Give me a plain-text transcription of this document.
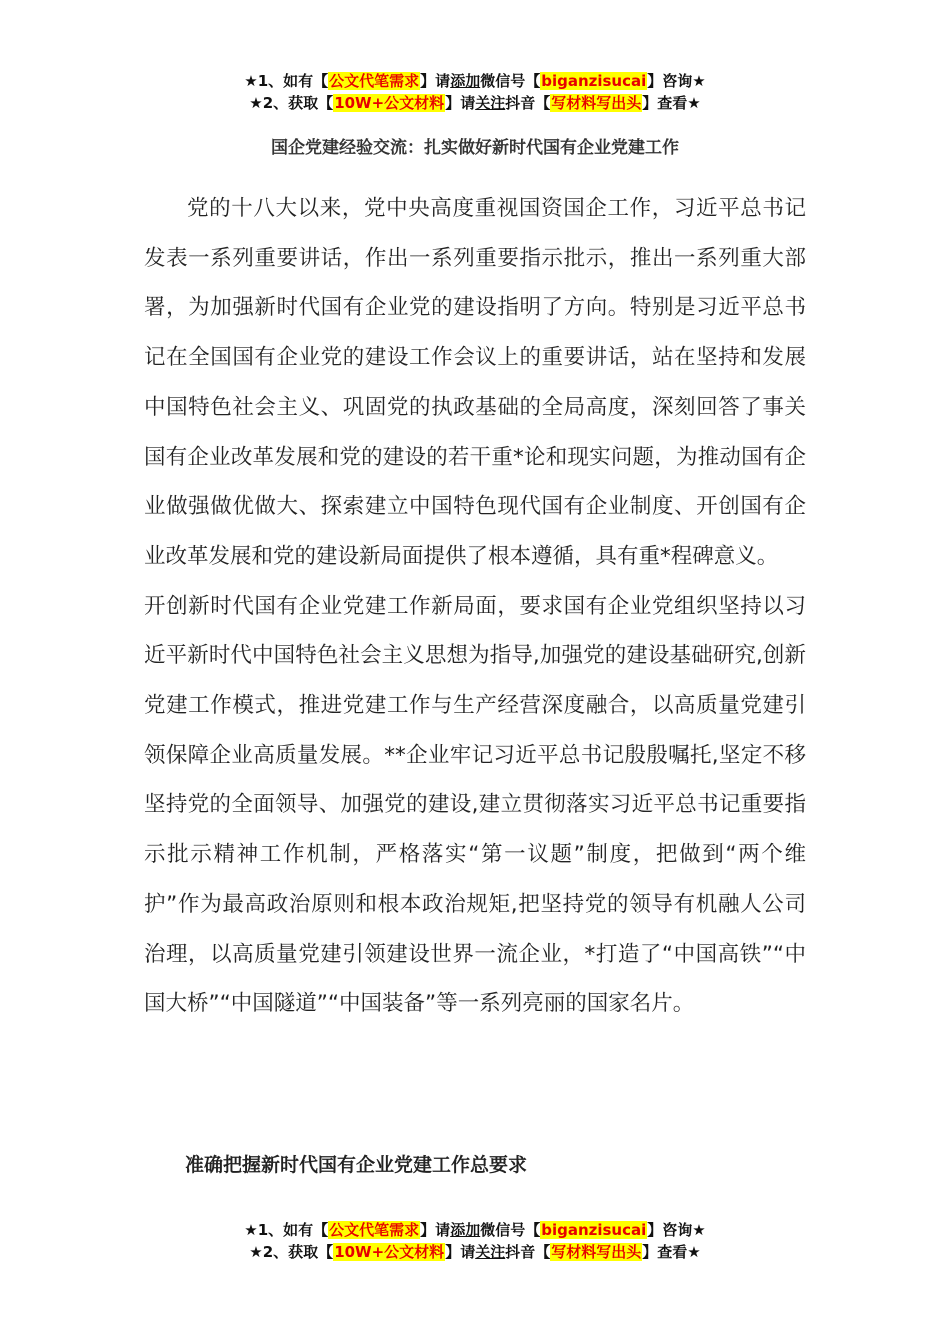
★1、如有【公文代笔需求】请添加微信号【biganzisucai】咨询★
★2、获取【10W+公文材料】请关注抖音【写材料写出头】查看★
国企党建经验交流：扎实做好新时代国有企业党建工作

党的十八大以来，党中央高度重视国资国企工作，习近平总书记发表一系列重要讲话，作出一系列重要指示批示，推出一系列重大部署，为加强新时代国有企业党的建设指明了方向。特别是习近平总书记在全国国有企业党的建设工作会议上的重要讲话，站在坚持和发展中国特色社会主义、巩固党的执政基础的全局高度，深刻回答了事关国有企业改革发展和党的建设的若干重*论和现实问题，为推动国有企业做强做优做大、探索建立中国特色现代国有企业制度、开创国有企业改革发展和党的建设新局面提供了根本遵循，具有重*程碑意义。

开创新时代国有企业党建工作新局面，要求国有企业党组织坚持以习近平新时代中国特色社会主义思想为指导,加强党的建设基础研究,创新党建工作模式，推进党建工作与生产经营深度融合，以高质量党建引领保障企业高质量发展。**企业牢记习近平总书记殷殷嘱托,坚定不移坚持党的全面领导、加强党的建设,建立贯彻落实习近平总书记重要指示批示精神工作机制，严格落实“第一议题”制度，把做到“两个维护”作为最高政治原则和根本政治规矩,把坚持党的领导有机融人公司治理，以高质量党建引领建设世界一流企业，*打造了“中国高铁”“中国大桥”“中国隧道”“中国装备”等一系列亮丽的国家名片。

准确把握新时代国有企业党建工作总要求
★1、如有【公文代笔需求】请添加微信号【biganzisucai】咨询★
★2、获取【10W+公文材料】请关注抖音【写材料写出头】查看★
